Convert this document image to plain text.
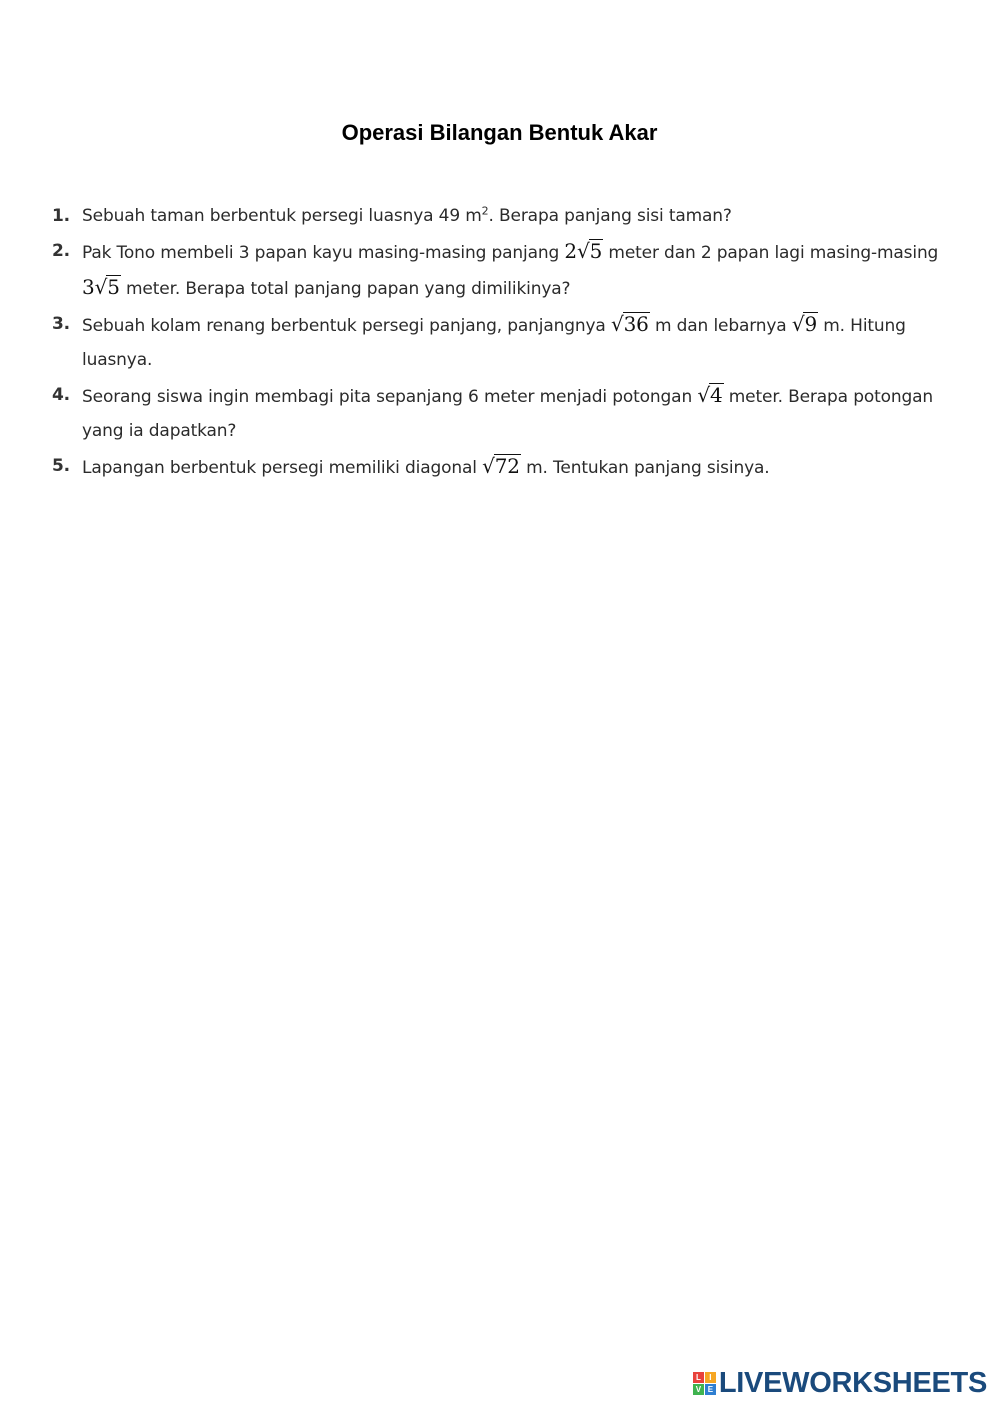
Operasi Bilangan Bentuk Akar
1. Sebuah taman berbentuk persegi luasnya 49 $m^2$. Berapa panjang sisi taman?
2. Pak Tono membeli 3 papan kayu masing-masing panjang 2√5 meter dan 2 papan lagi masing-masing 3√5 meter. Berapa total panjang papan yang dimilikinya?
3. Sebuah kolam renang berbentuk persegi panjang, panjangnya √36 m dan lebarnya √9 m. Hitung luasnya.
4. Seorang siswa ingin membagi pita sepanjang 6 meter menjadi potongan √4 meter. Berapa potongan yang ia dapatkan?
5. Lapangan berbentuk persegi memiliki diagonal √72 m. Tentukan panjang sisinya.
L	I
V E LIVEWORKSHEETS
